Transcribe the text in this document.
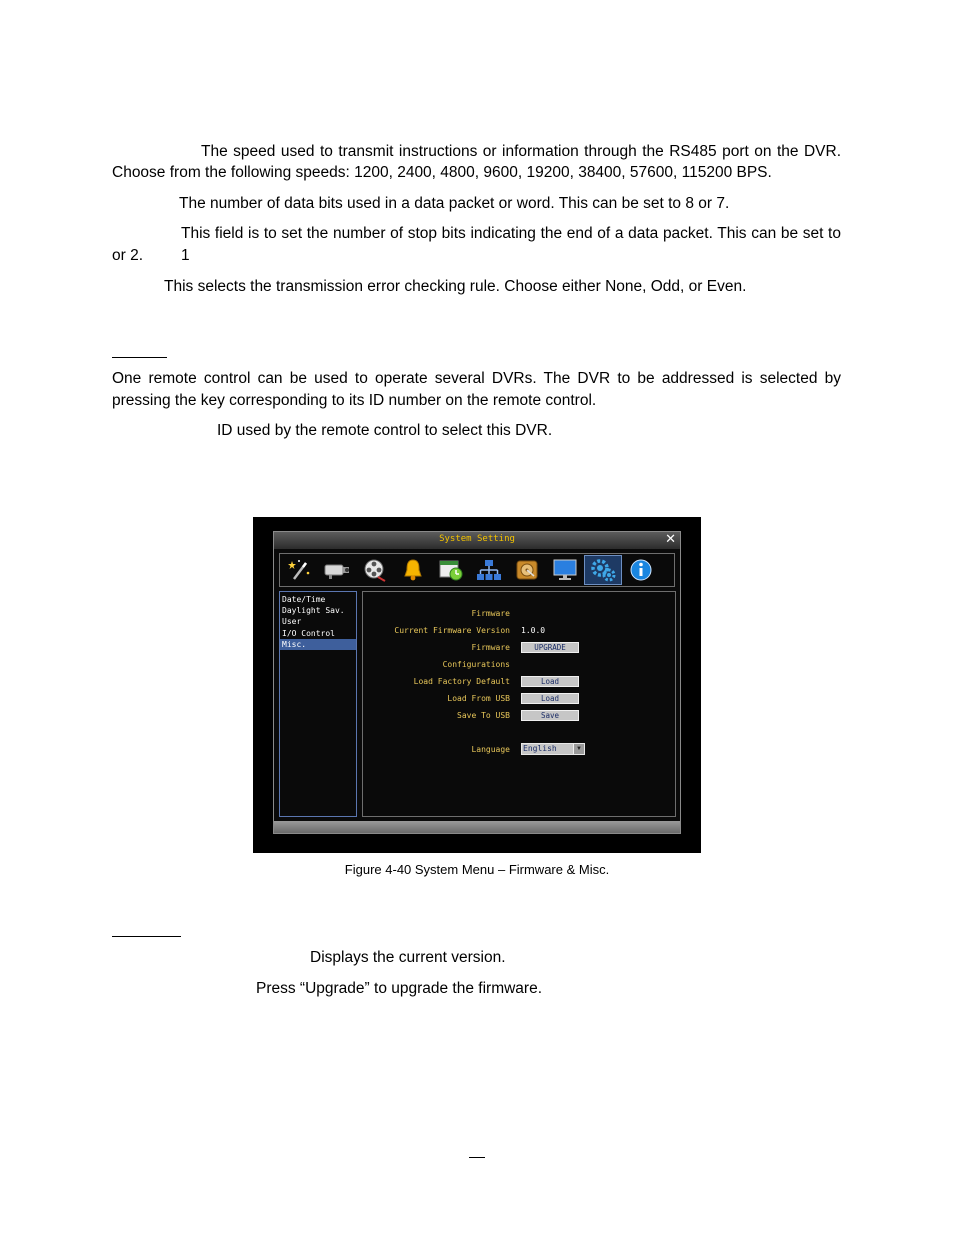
The speed used to transmit instructions or information through the RS485 port on the DVR.

Choose from the following speeds: 1200, 2400, 4800, 9600, 19200, 38400, 57600, 115200 BPS.

The number of data bits used in a data packet or word. This can be set to 8 or 7.

This field is to set the number of stop bits indicating the end of a data packet. This can be set to 1

or 2.

This selects the transmission error checking rule. Choose either None, Odd, or Even.

One remote control can be used to operate several DVRs. The DVR to be addressed is selected by

pressing the key corresponding to its ID number on the remote control.

ID used by the remote control to select this DVR.

System Setting	✕
Date/Time
Daylight Sav.
User
I/O Control
Misc.
Firmware
Current Firmware Version 1.0.0
Firmware	UPGRADE
Configurations
Load Factory Default	Load
Load From USB	Load
Save To USB	Save
Language English	▼
Figure 4-40 System Menu – Firmware & Misc.

Displays the current version.

Press “Upgrade” to upgrade the firmware.
